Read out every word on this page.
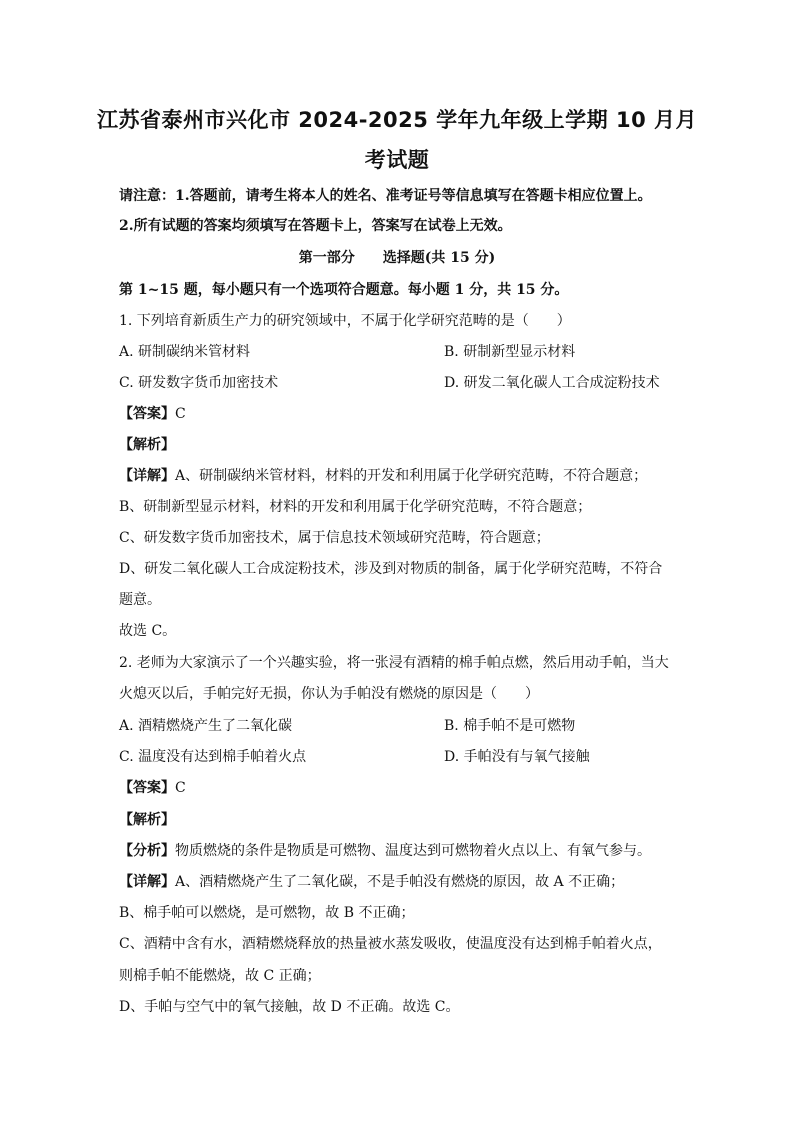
江苏省泰州市兴化市 2024-2025 学年九年级上学期 10 月月
考试题
请注意：1.答题前，请考生将本人的姓名、准考证号等信息填写在答题卡相应位置上。
2.所有试题的答案均须填写在答题卡上，答案写在试卷上无效。
第一部分　　选择题(共 15 分)
第 1~15 题，每小题只有一个选项符合题意。每小题 1 分，共 15 分。
1. 下列培育新质生产力的研究领域中，不属于化学研究范畴的是（　　）
A. 研制碳纳米管材料	B. 研制新型显示材料
C. 研发数字货币加密技术	D. 研发二氧化碳人工合成淀粉技术
【答案】C
【解析】
【详解】A、研制碳纳米管材料，材料的开发和利用属于化学研究范畴，不符合题意；
B、研制新型显示材料，材料的开发和利用属于化学研究范畴，不符合题意；
C、研发数字货币加密技术，属于信息技术领域研究范畴，符合题意；
D、研发二氧化碳人工合成淀粉技术，涉及到对物质的制备，属于化学研究范畴，不符合
题意。
故选 C。
2. 老师为大家演示了一个兴趣实验，将一张浸有酒精的棉手帕点燃，然后用动手帕，当大
火熄灭以后，手帕完好无损，你认为手帕没有燃烧的原因是（　　）
A. 酒精燃烧产生了二氧化碳	B. 棉手帕不是可燃物
C. 温度没有达到棉手帕着火点	D. 手帕没有与氧气接触
【答案】C
【解析】
【分析】物质燃烧的条件是物质是可燃物、温度达到可燃物着火点以上、有氧气参与。
【详解】A、酒精燃烧产生了二氧化碳，不是手帕没有燃烧的原因，故 A 不正确；
B、棉手帕可以燃烧，是可燃物，故 B 不正确；
C、酒精中含有水，酒精燃烧释放的热量被水蒸发吸收，使温度没有达到棉手帕着火点，
则棉手帕不能燃烧，故 C 正确；
D、手帕与空气中的氧气接触，故 D 不正确。故选 C。
